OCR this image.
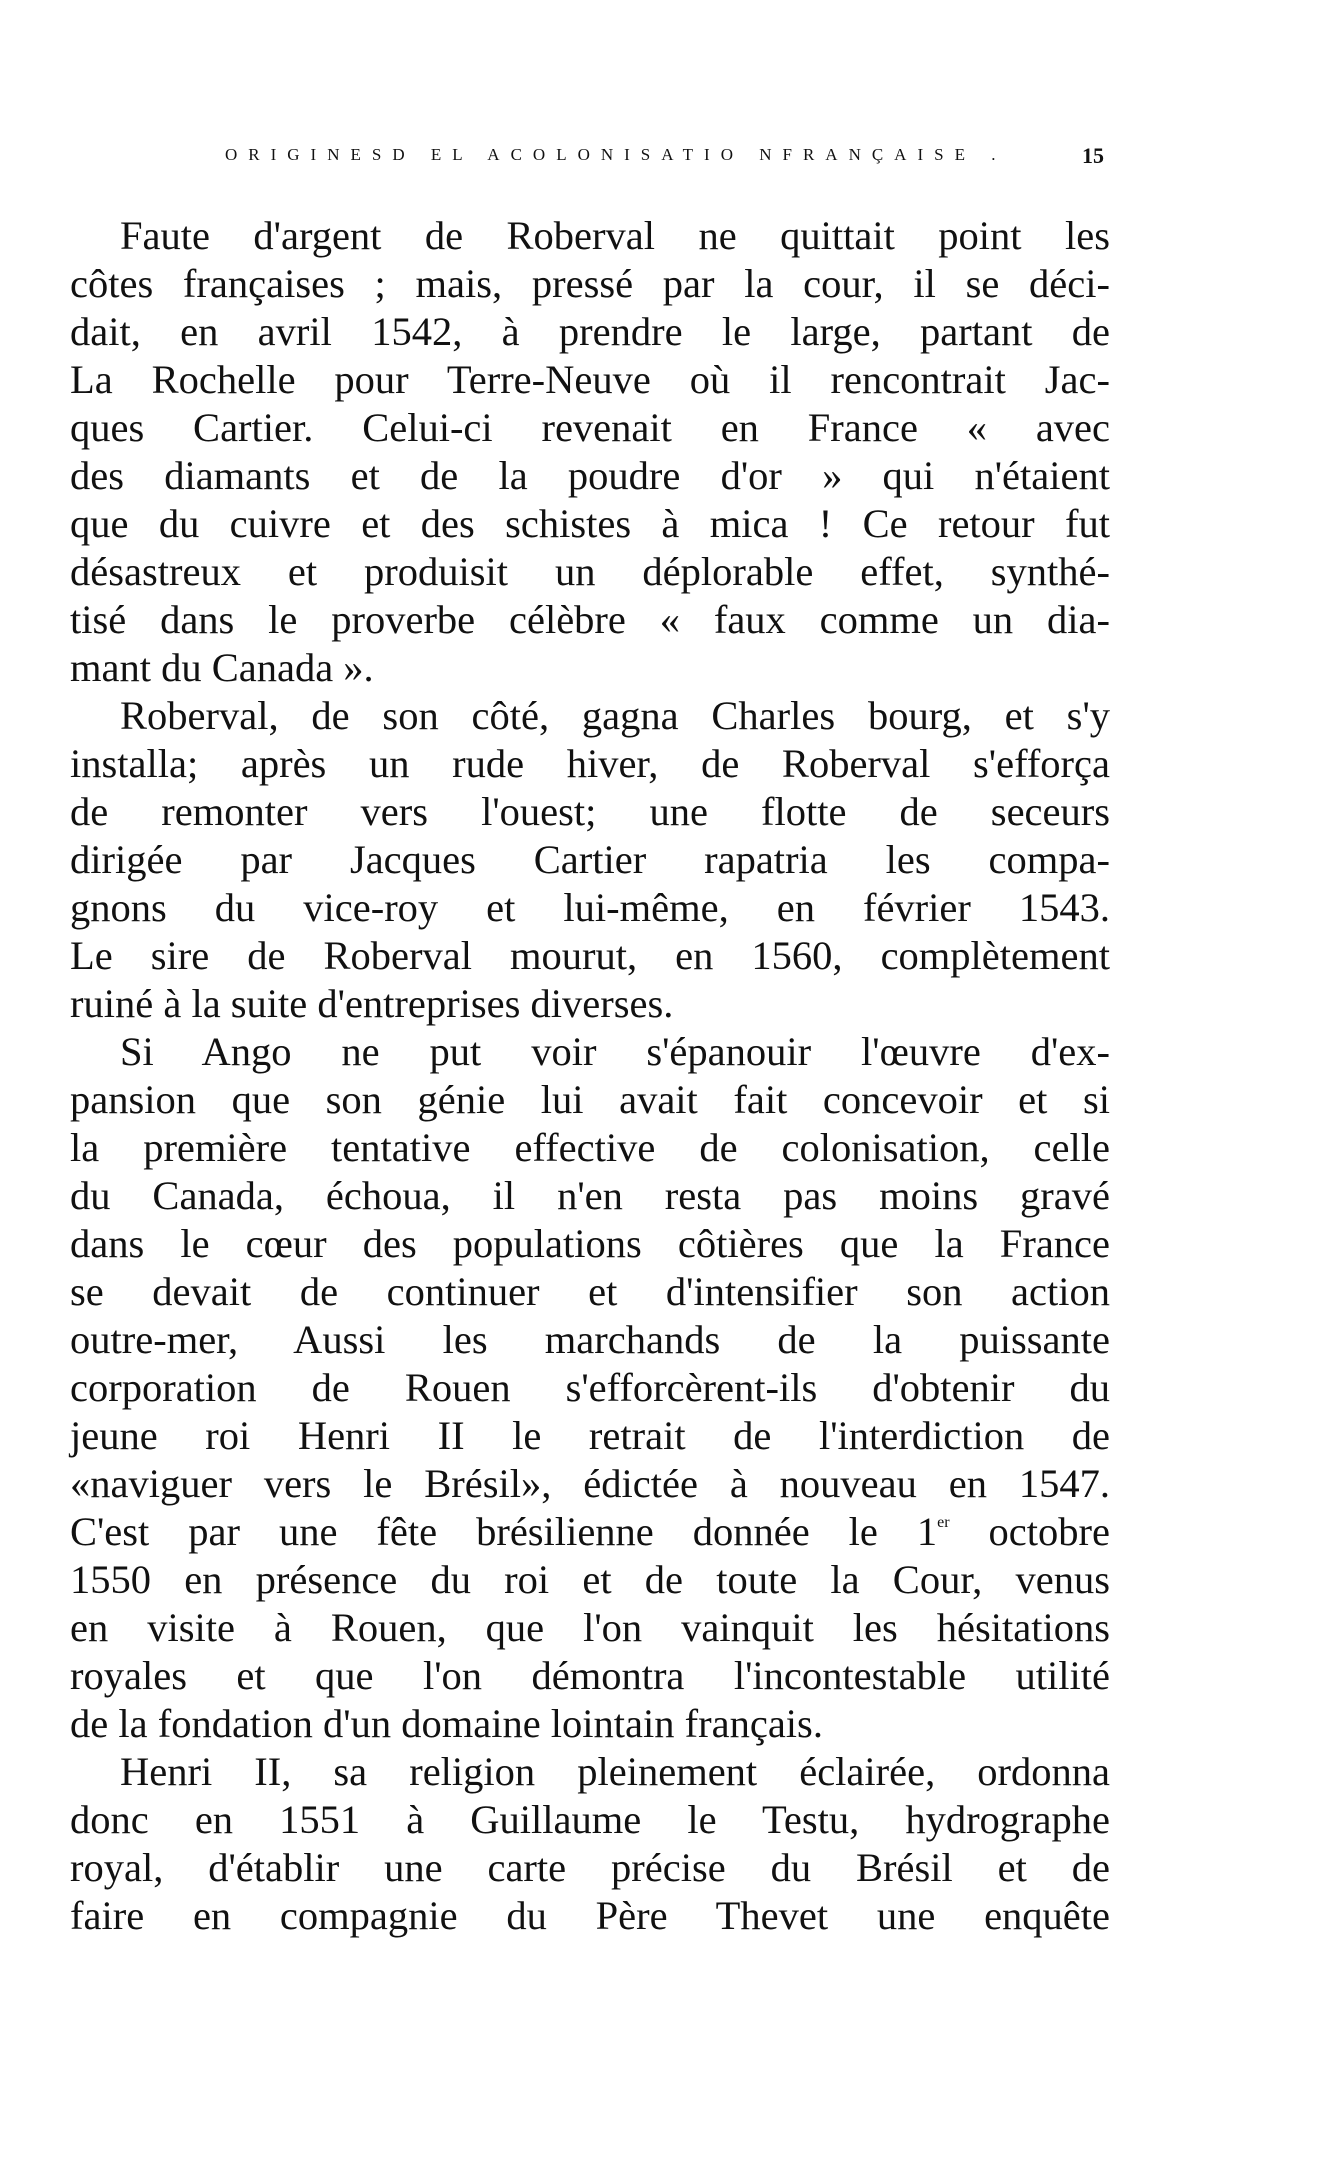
ORIGINESD EL ACOLONISATIO NFRANÇAISE .	15
Faute d'argent de Roberval ne quittait point les
côtes françaises ; mais, pressé par la cour, il se déci-
dait, en avril 1542, à prendre le large, partant de
La Rochelle pour Terre-Neuve où il rencontrait Jac-
ques Cartier. Celui-ci revenait en France « avec
des diamants et de la poudre d'or » qui n'étaient
que du cuivre et des schistes à mica ! Ce retour fut
désastreux et produisit un déplorable effet, synthé-
tisé dans le proverbe célèbre « faux comme un dia-
mant du Canada ».
Roberval, de son côté, gagna Charles bourg, et s'y
installa; après un rude hiver, de Roberval s'efforça
de remonter vers l'ouest; une flotte de seceurs
dirigée par Jacques Cartier rapatria les compa-
gnons du vice-roy et lui-même, en février 1543.
Le sire de Roberval mourut, en 1560, complètement
ruiné à la suite d'entreprises diverses.
Si Ango ne put voir s'épanouir l'œuvre d'ex-
pansion que son génie lui avait fait concevoir et si
la première tentative effective de colonisation, celle
du Canada, échoua, il n'en resta pas moins gravé
dans le cœur des populations côtières que la France
se devait de continuer et d'intensifier son action
outre-mer, Aussi les marchands de la puissante
corporation de Rouen s'efforcèrent-ils d'obtenir du
jeune roi Henri II le retrait de l'interdiction de
«naviguer vers le Brésil», édictée à nouveau en 1547.
C'est par une fête brésilienne donnée le 1er octobre
1550 en présence du roi et de toute la Cour, venus
en visite à Rouen, que l'on vainquit les hésitations
royales et que l'on démontra l'incontestable utilité
de la fondation d'un domaine lointain français.
Henri II, sa religion pleinement éclairée, ordonna
donc en 1551 à Guillaume le Testu, hydrographe
royal, d'établir une carte précise du Brésil et de
faire en compagnie du Père Thevet une enquête
